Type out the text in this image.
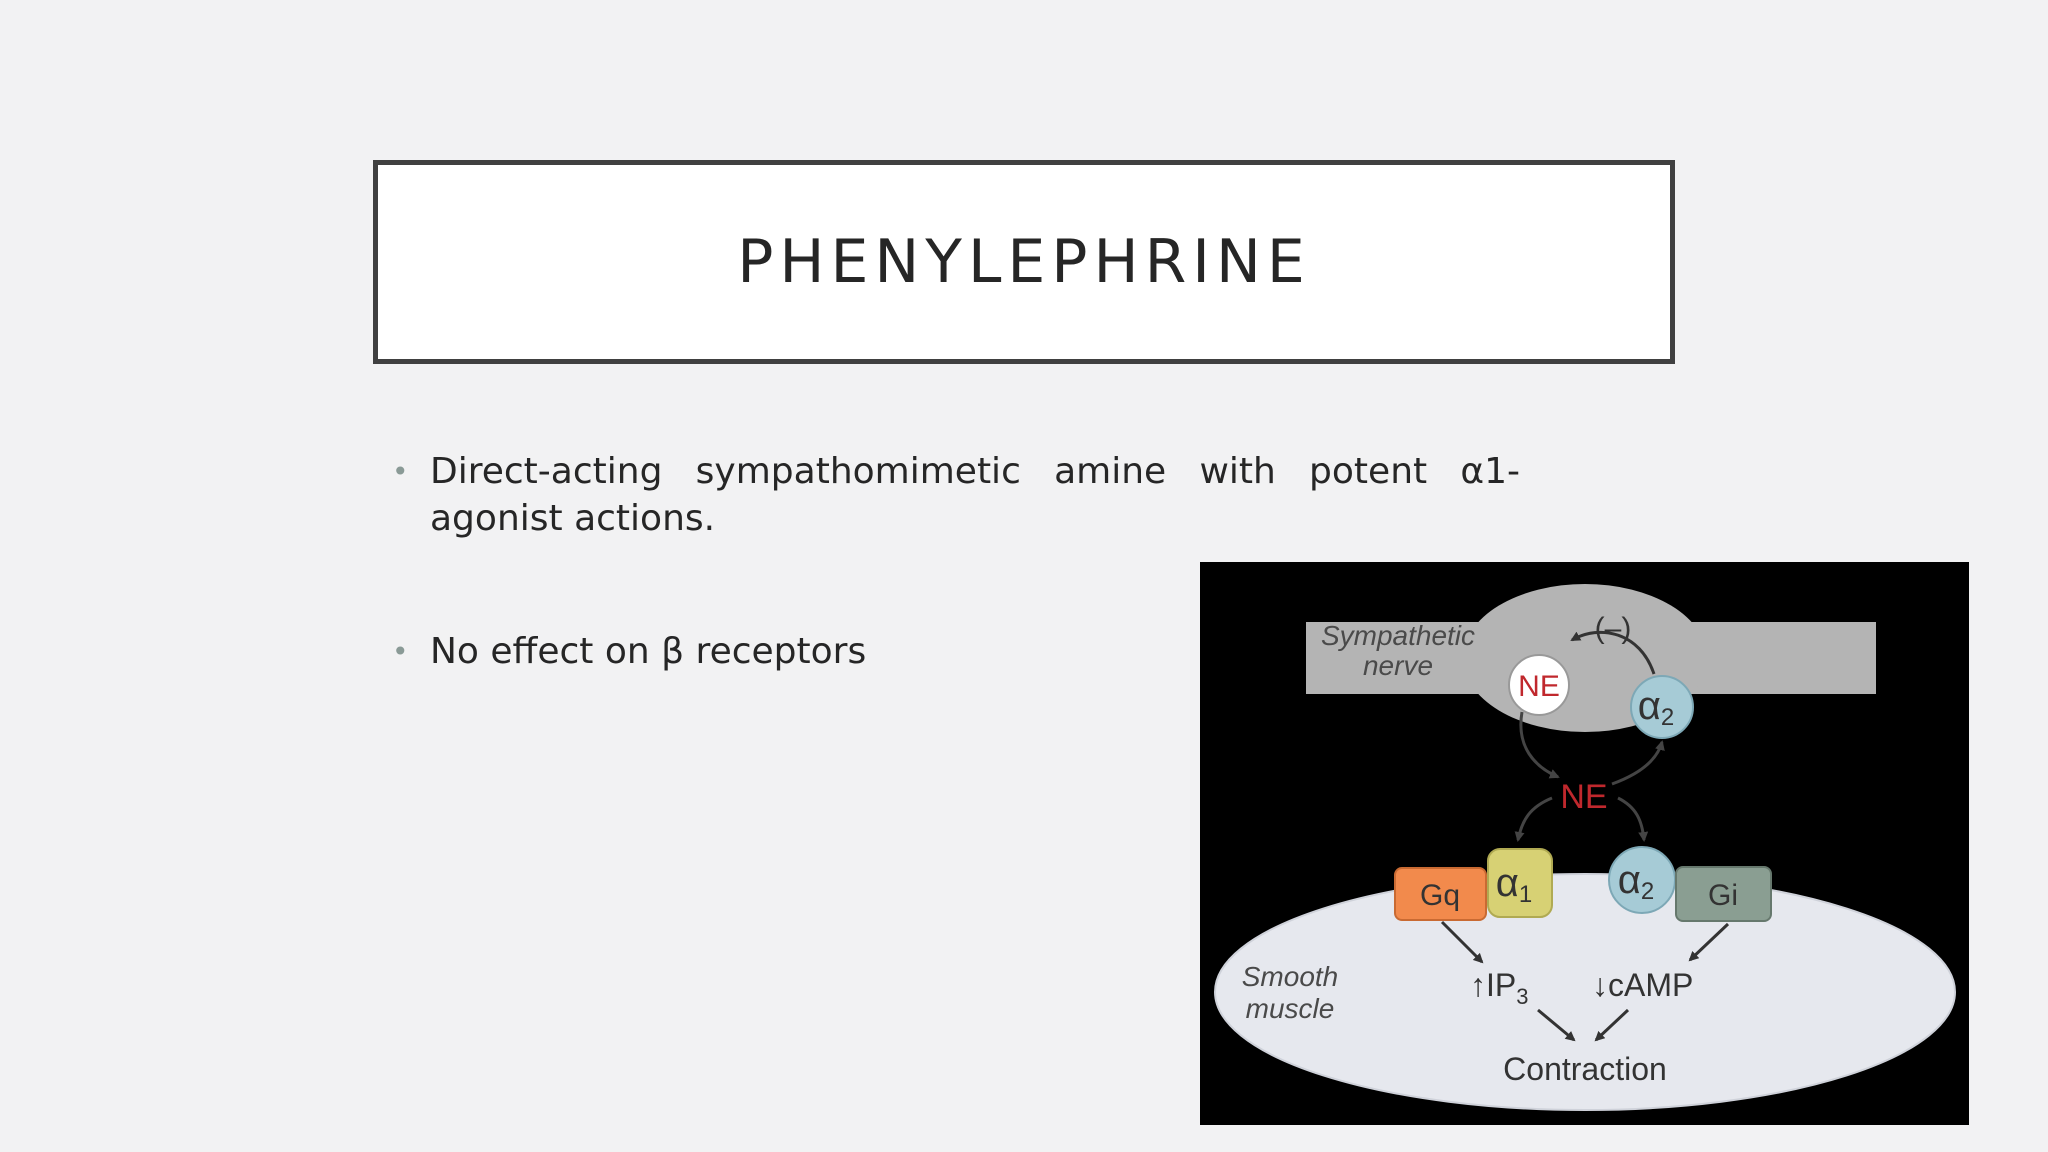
PHENYLEPHRINE
• Direct-acting sympathomimetic amine with potent α1-agonist actions.
• No effect on β receptors	Sympathetic
nerve
(–)
NE α2
NE
Gq α1 α2 Gi
Smooth
muscle
$↑IP_3$ ↓cAMP
Contraction
